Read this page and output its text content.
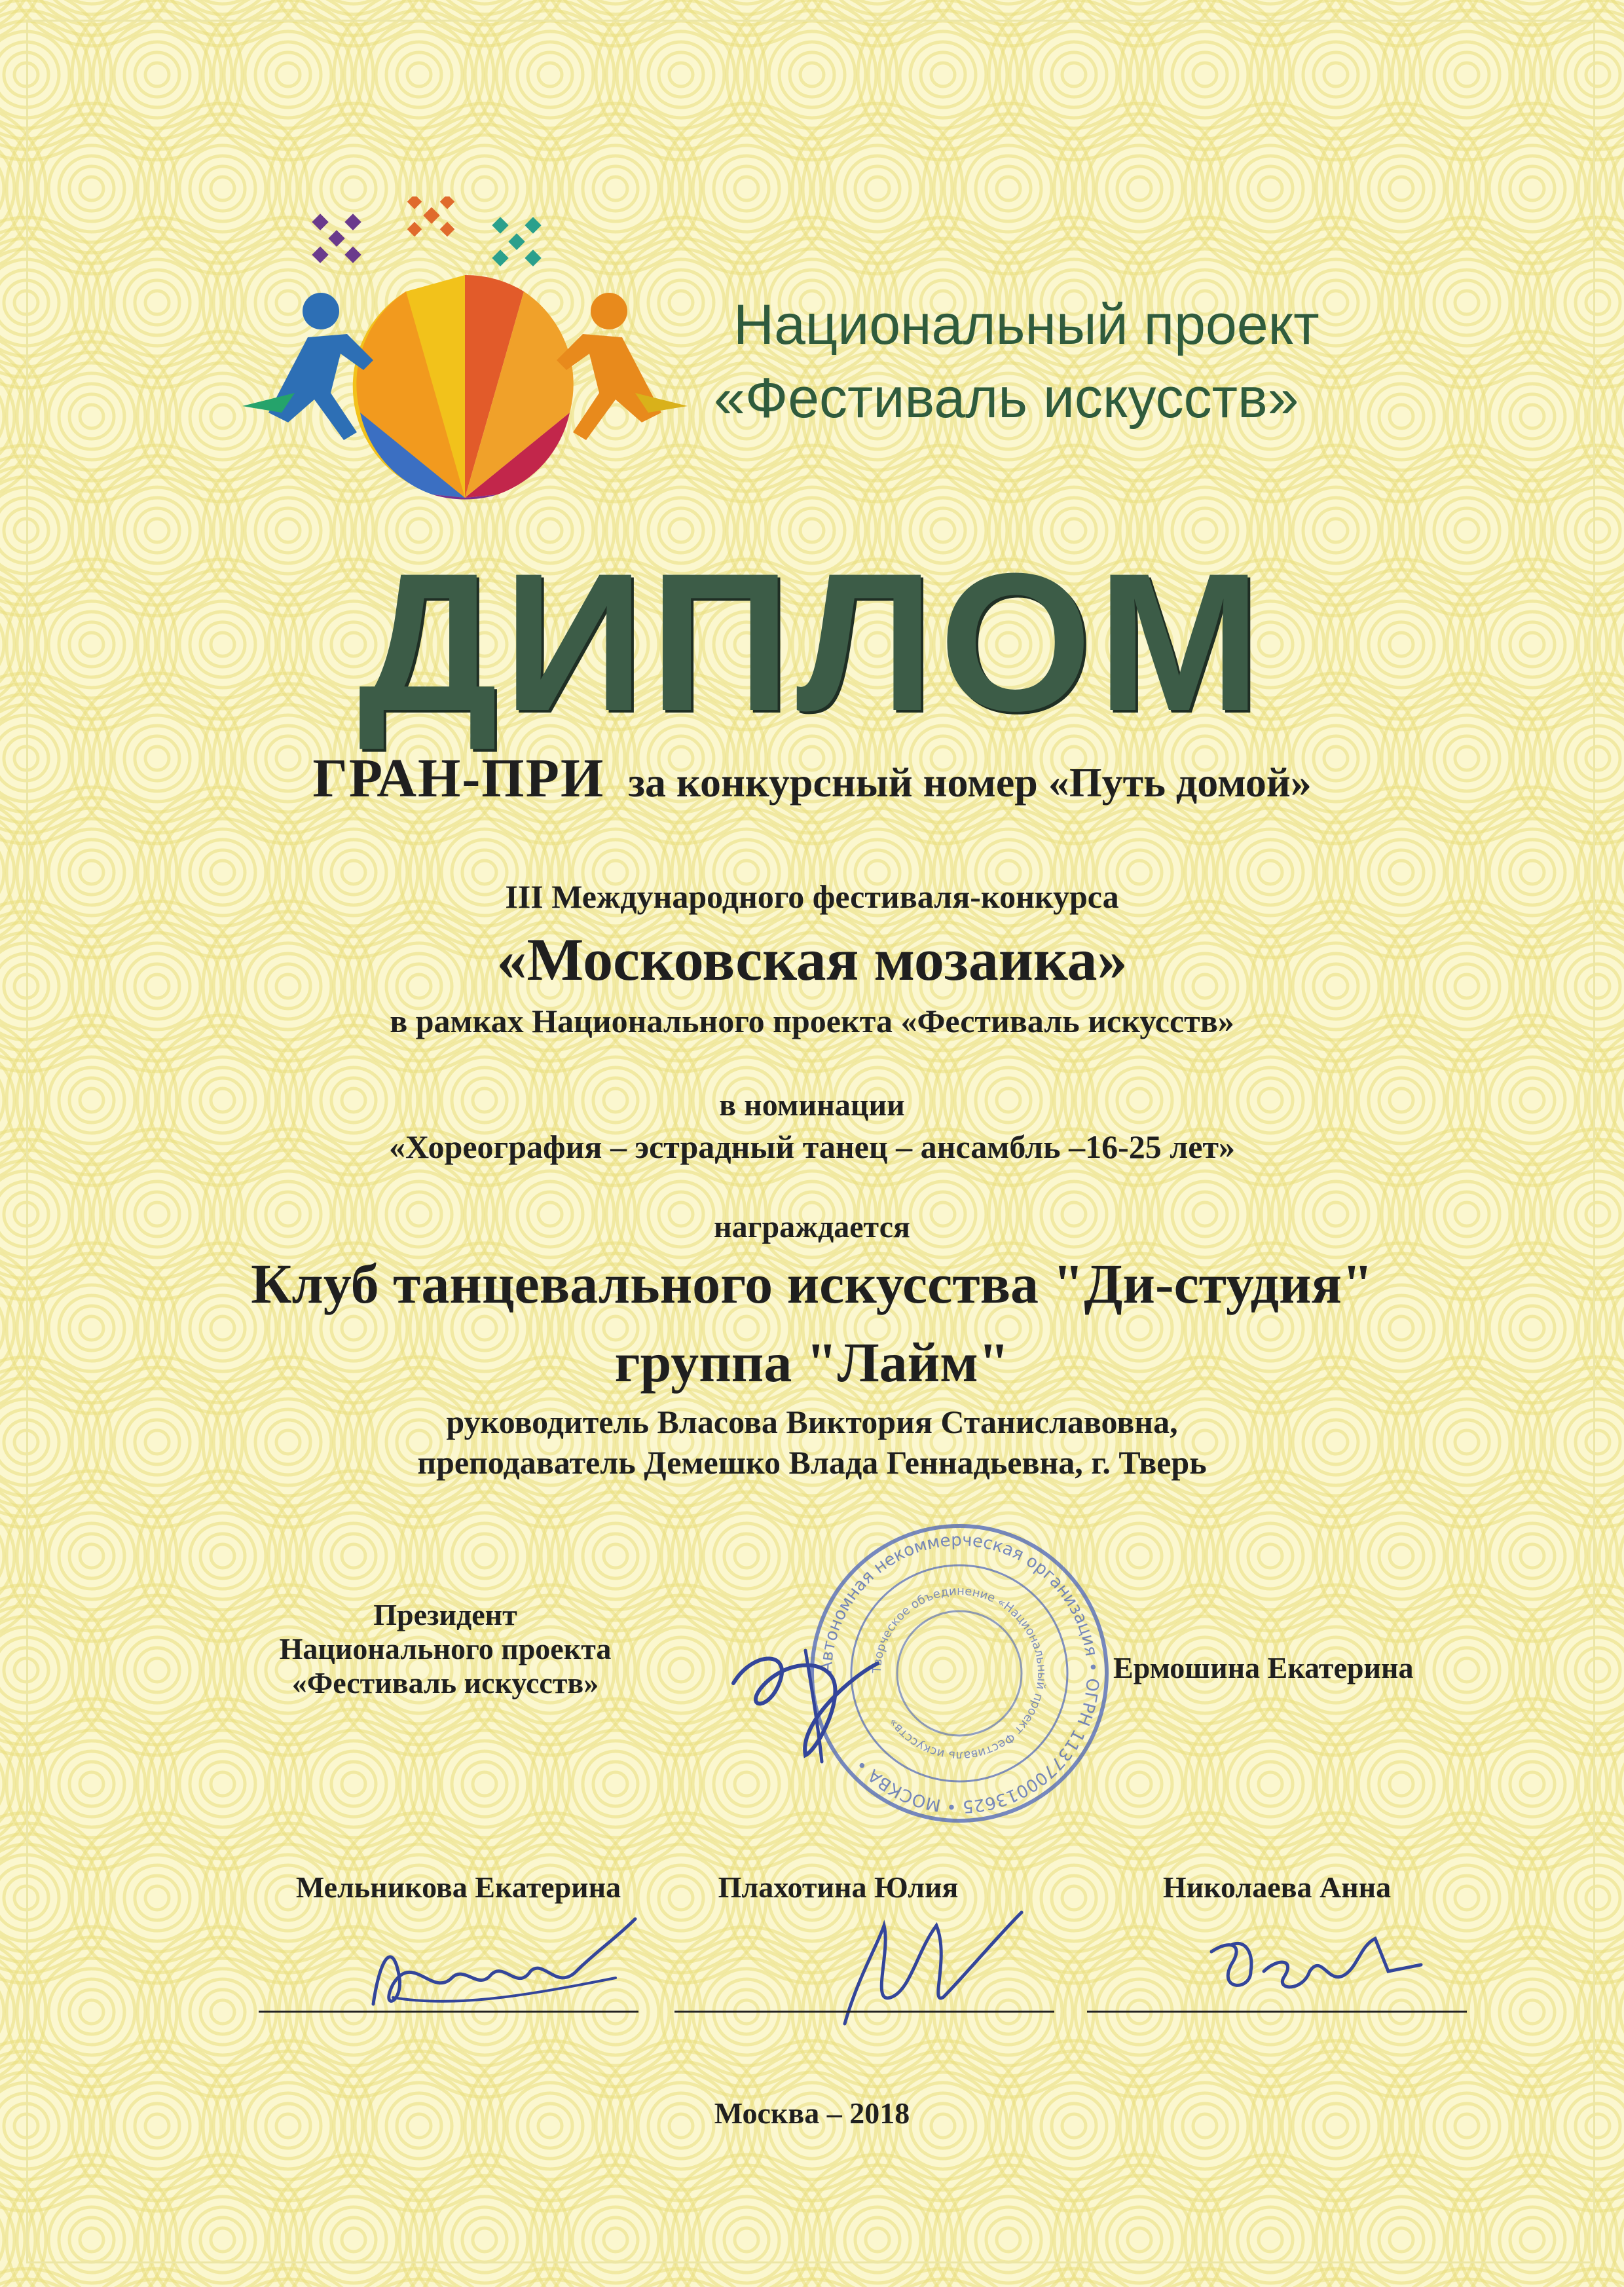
Национальный проект
«Фестиваль искусств»
ДИПЛОМ
ГРАН-ПРИ за конкурсный номер «Путь домой»
III Международного фестиваля-конкурса
«Московская мозаика»
в рамках Национального проекта «Фестиваль искусств»
в номинации
«Хореография – эстрадный танец – ансамбль –16-25 лет»
награждается
Клуб танцевального искусства "Ди-студия"
группа "Лайм"
руководитель Власова Виктория Станиславовна,
преподаватель Демешко Влада Геннадьевна, г. Тверь
Президент
Национального проекта
«Фестиваль искусств»	Автономная некоммерческая организация • ОГРН 1137700013625 • МОСКВА •
Творческое объединение «Национальный проект Фестиваль искусств»
Ермошина Екатерина
Мельникова Екатерина	Плахотина Юлия	Николаева Анна
Москва – 2018
